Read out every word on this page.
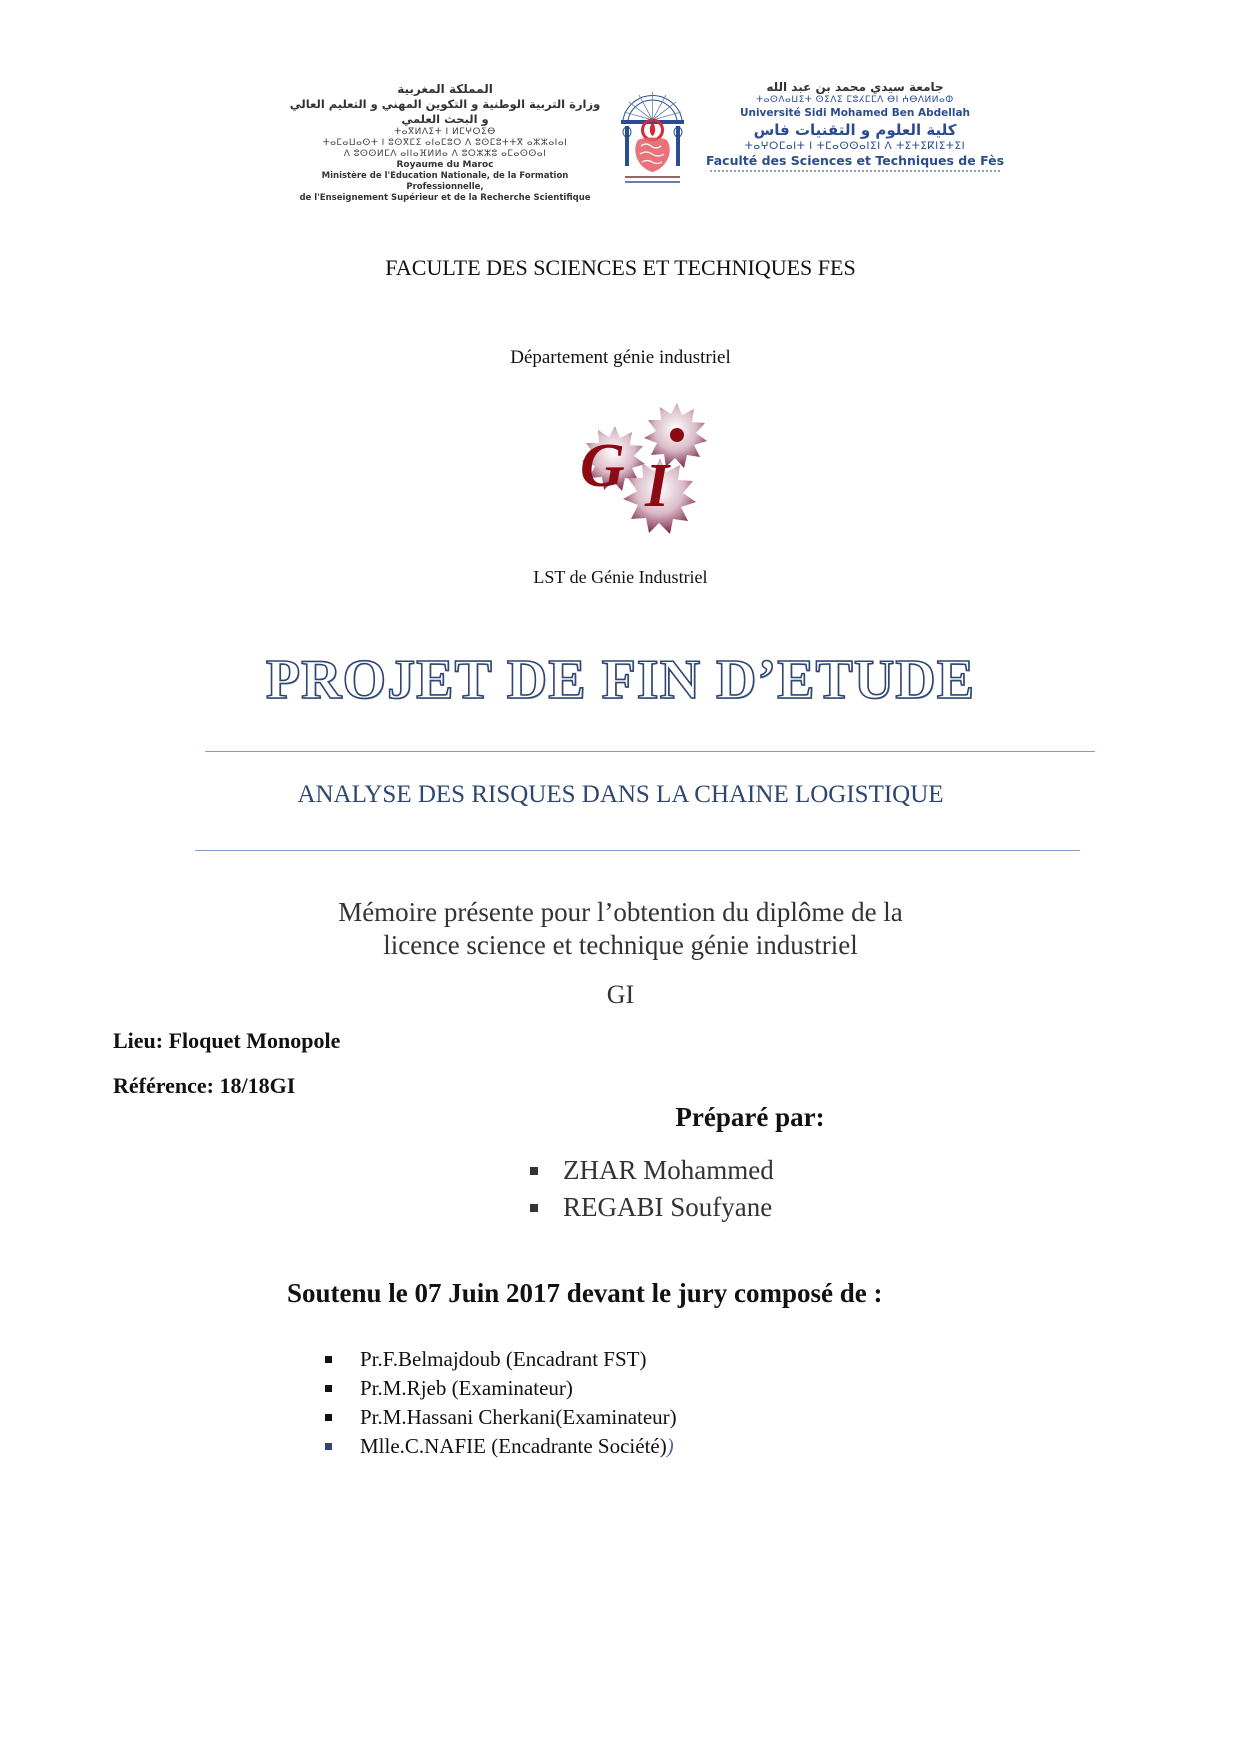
المملكة المغربية
وزارة التربية الوطنية و التكوين المهني و التعليم العالي و البحث العلمي
ⵜⴰⴳⵍⴷⵉⵜ ⵏ ⵍⵎⵖⵔⵉⴱ
ⵜⴰⵎⴰⵡⴰⵙⵜ ⵏ ⵓⵙⴳⵎⵉ ⴰⵏⴰⵎⵓⵔ ⴷ ⵓⵙⵎⵓⵜⵜⴳ ⴰⵣⵣⴰⵏⴰⵏ
ⴷ ⵓⵙⵙⵍⵎⴷ ⴰⵏⵏⴰⴼⵍⵍⴰ ⴷ ⵓⵔⵣⵣⵓ ⴰⵎⴰⵙⵙⴰⵏ
Royaume du Maroc
Ministère de l'Education Nationale, de la Formation Professionnelle,
de l'Enseignement Supérieur et de la Recherche Scientifique
جامعة سيدي محمد بن عبد الله
ⵜⴰⵙⴷⴰⵡⵉⵜ ⵙⵉⴷⵉ ⵎⵓⵃⵎⵎⴷ ⴱⵏ ⵄⴱⴷⵍⵍⴰⵀ
Université Sidi Mohamed Ben Abdellah
كلية العلوم و التقنيات فاس
ⵜⴰⵖⵔⵎⴰⵏⵜ ⵏ ⵜⵎⴰⵙⵙⴰⵏⵉⵏ ⴷ ⵜⵉⵜⵉⴽⵏⵉⵜⵉⵏ
Faculté des Sciences et Techniques de Fès
FACULTE DES SCIENCES ET TECHNIQUES FES
Département génie industriel
G I
LST de Génie Industriel
PROJET DE FIN D’ETUDE
ANALYSE DES RISQUES DANS LA CHAINE LOGISTIQUE
Mémoire présente pour l’obtention du diplôme de la
licence science et technique génie industriel
GI
Lieu: Floquet Monopole
Référence: 18/18GI
Préparé par:
ZHAR Mohammed
REGABI Soufyane
Soutenu le 07 Juin 2017 devant le jury composé de :
Pr.F.Belmajdoub (Encadrant FST)
Pr.M.Rjeb (Examinateur)
Pr.M.Hassani Cherkani(Examinateur)
Mlle.C.NAFIE (Encadrante Société) )
